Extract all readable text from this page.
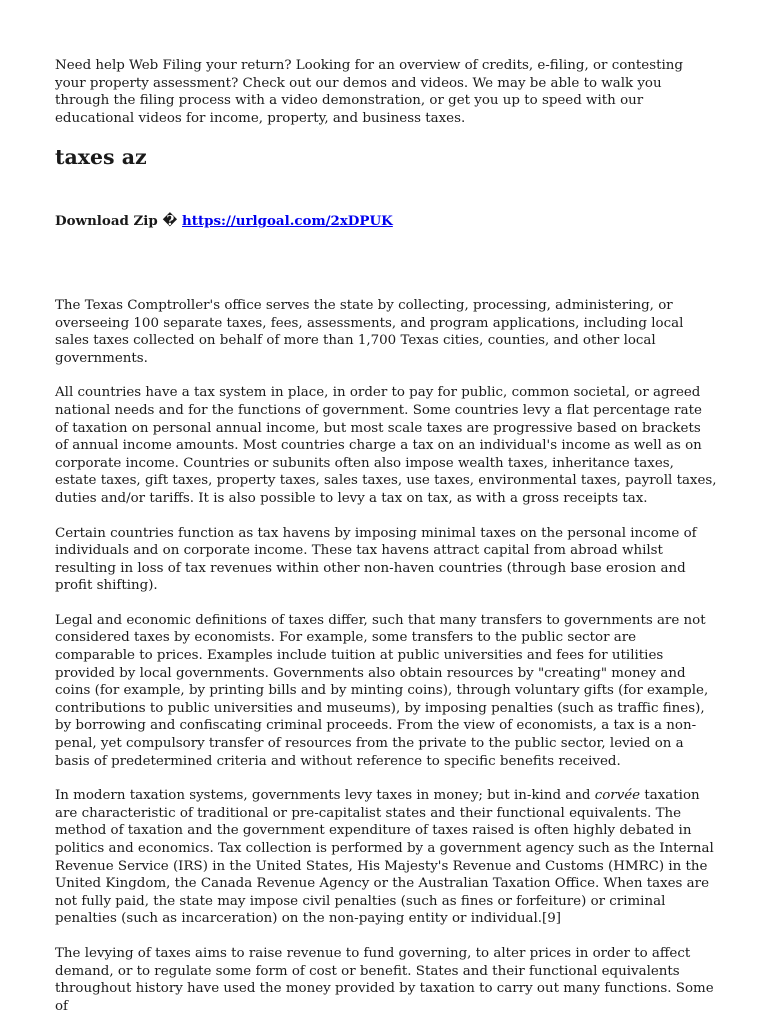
Need help Web Filing your return? Looking for an overview of credits, e-filing, or contesting your property assessment? Check out our demos and videos. We may be able to walk you through the filing process with a video demonstration, or get you up to speed with our educational videos for income, property, and business taxes.

taxes az
Download Zip � https://urlgoal.com/2xDPUK

The Texas Comptroller's office serves the state by collecting, processing, administering, or overseeing 100 separate taxes, fees, assessments, and program applications, including local sales taxes collected on behalf of more than 1,700 Texas cities, counties, and other local governments.

All countries have a tax system in place, in order to pay for public, common societal, or agreed national needs and for the functions of government. Some countries levy a flat percentage rate of taxation on personal annual income, but most scale taxes are progressive based on brackets of annual income amounts. Most countries charge a tax on an individual's income as well as on corporate income. Countries or subunits often also impose wealth taxes, inheritance taxes, estate taxes, gift taxes, property taxes, sales taxes, use taxes, environmental taxes, payroll taxes, duties and/or tariffs. It is also possible to levy a tax on tax, as with a gross receipts tax.

Certain countries function as tax havens by imposing minimal taxes on the personal income of individuals and on corporate income. These tax havens attract capital from abroad whilst resulting in loss of tax revenues within other non-haven countries (through base erosion and profit shifting).

Legal and economic definitions of taxes differ, such that many transfers to governments are not considered taxes by economists. For example, some transfers to the public sector are comparable to prices. Examples include tuition at public universities and fees for utilities provided by local governments. Governments also obtain resources by "creating" money and coins (for example, by printing bills and by minting coins), through voluntary gifts (for example, contributions to public universities and museums), by imposing penalties (such as traffic fines), by borrowing and confiscating criminal proceeds. From the view of economists, a tax is a non-penal, yet compulsory transfer of resources from the private to the public sector, levied on a basis of predetermined criteria and without reference to specific benefits received.

In modern taxation systems, governments levy taxes in money; but in-kind and corvée taxation are characteristic of traditional or pre-capitalist states and their functional equivalents. The method of taxation and the government expenditure of taxes raised is often highly debated in politics and economics. Tax collection is performed by a government agency such as the Internal Revenue Service (IRS) in the United States, His Majesty's Revenue and Customs (HMRC) in the United Kingdom, the Canada Revenue Agency or the Australian Taxation Office. When taxes are not fully paid, the state may impose civil penalties (such as fines or forfeiture) or criminal penalties (such as incarceration) on the non-paying entity or individual.[9]

The levying of taxes aims to raise revenue to fund governing, to alter prices in order to affect demand, or to regulate some form of cost or benefit. States and their functional equivalents throughout history have used the money provided by taxation to carry out many functions. Some of
